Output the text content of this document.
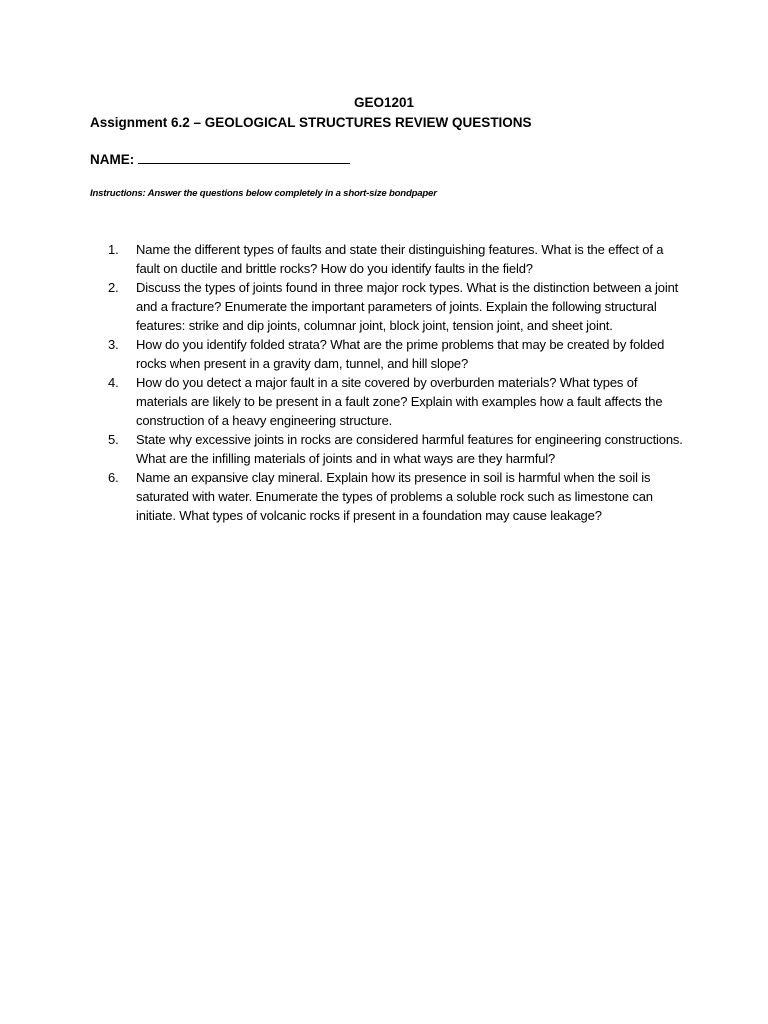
GEO1201
Assignment 6.2 – GEOLOGICAL STRUCTURES REVIEW QUESTIONS
NAME:
Instructions: Answer the questions below completely in a short-size bondpaper
1. Name the different types of faults and state their distinguishing features. What is the effect of a fault on ductile and brittle rocks? How do you identify faults in the field?
2. Discuss the types of joints found in three major rock types. What is the distinction between a joint and a fracture? Enumerate the important parameters of joints. Explain the following structural features: strike and dip joints, columnar joint, block joint, tension joint, and sheet joint.
3. How do you identify folded strata? What are the prime problems that may be created by folded rocks when present in a gravity dam, tunnel, and hill slope?
4. How do you detect a major fault in a site covered by overburden materials? What types of materials are likely to be present in a fault zone? Explain with examples how a fault affects the construction of a heavy engineering structure.
5. State why excessive joints in rocks are considered harmful features for engineering constructions. What are the infilling materials of joints and in what ways are they harmful?
6. Name an expansive clay mineral. Explain how its presence in soil is harmful when the soil is saturated with water. Enumerate the types of problems a soluble rock such as limestone can initiate. What types of volcanic rocks if present in a foundation may cause leakage?
